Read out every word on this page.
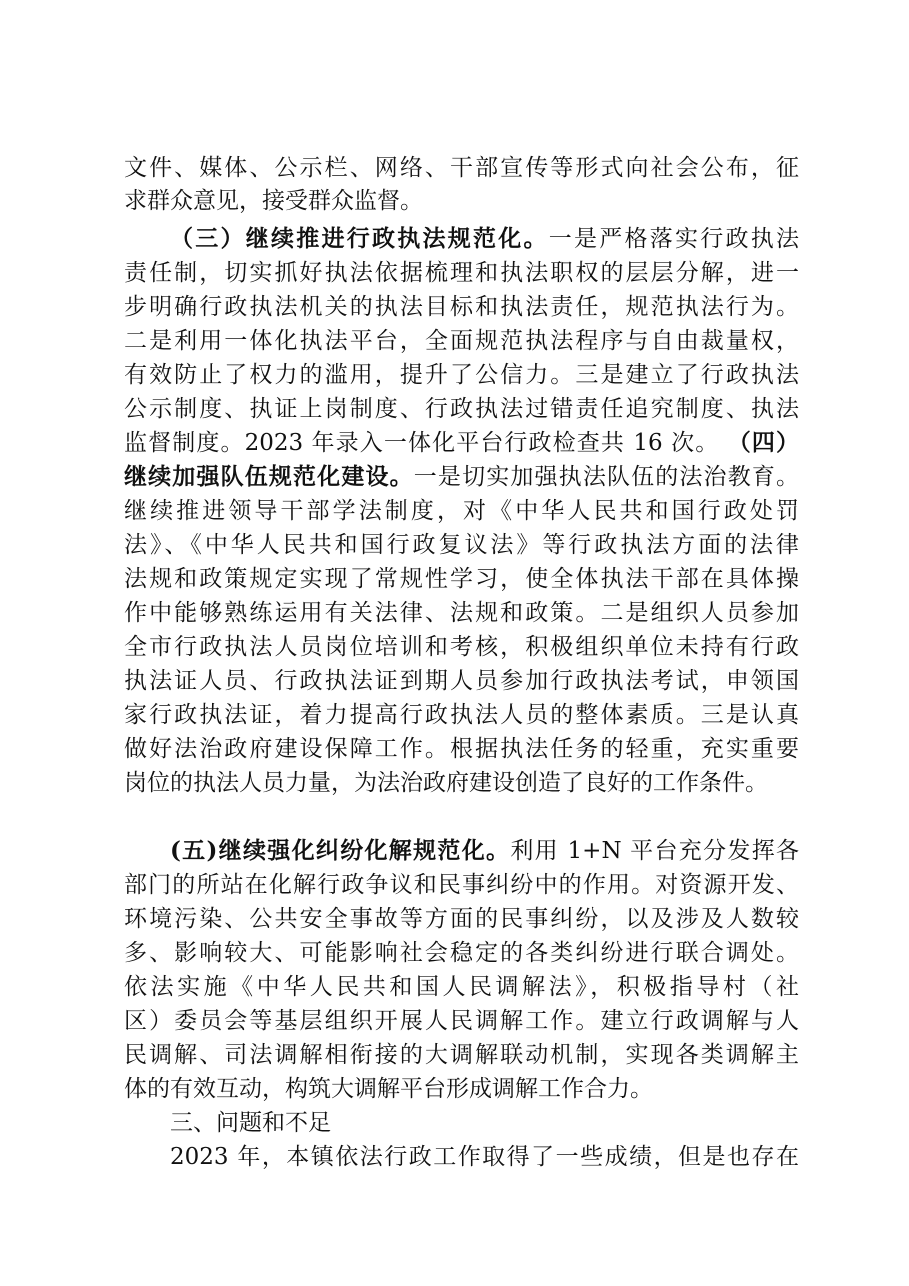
文件、媒体、公示栏、网络、干部宣传等形式向社会公布，征
求群众意见，接受群众监督。
（三）继续推进行政执法规范化。一是严格落实行政执法
责任制，切实抓好执法依据梳理和执法职权的层层分解，进一
步明确行政执法机关的执法目标和执法责任，规范执法行为。
二是利用一体化执法平台，全面规范执法程序与自由裁量权，
有效防止了权力的滥用，提升了公信力。三是建立了行政执法
公示制度、执证上岗制度、行政执法过错责任追究制度、执法
监督制度。2023 年录入一体化平台行政检查共 16 次。 （四）
继续加强队伍规范化建设。一是切实加强执法队伍的法治教育。
继续推进领导干部学法制度，对《中华人民共和国行政处罚
法》、《中华人民共和国行政复议法》等行政执法方面的法律
法规和政策规定实现了常规性学习，使全体执法干部在具体操
作中能够熟练运用有关法律、法规和政策。二是组织人员参加
全市行政执法人员岗位培训和考核，积极组织单位未持有行政
执法证人员、行政执法证到期人员参加行政执法考试，申领国
家行政执法证，着力提高行政执法人员的整体素质。三是认真
做好法治政府建设保障工作。根据执法任务的轻重，充实重要
岗位的执法人员力量，为法治政府建设创造了良好的工作条件。
(五)继续强化纠纷化解规范化。利用 1+N 平台充分发挥各
部门的所站在化解行政争议和民事纠纷中的作用。对资源开发、
环境污染、公共安全事故等方面的民事纠纷，以及涉及人数较
多、影响较大、可能影响社会稳定的各类纠纷进行联合调处。
依法实施《中华人民共和国人民调解法》，积极指导村（社
区）委员会等基层组织开展人民调解工作。建立行政调解与人
民调解、司法调解相衔接的大调解联动机制，实现各类调解主
体的有效互动，构筑大调解平台形成调解工作合力。
三、问题和不足
2023 年，本镇依法行政工作取得了一些成绩，但是也存在
